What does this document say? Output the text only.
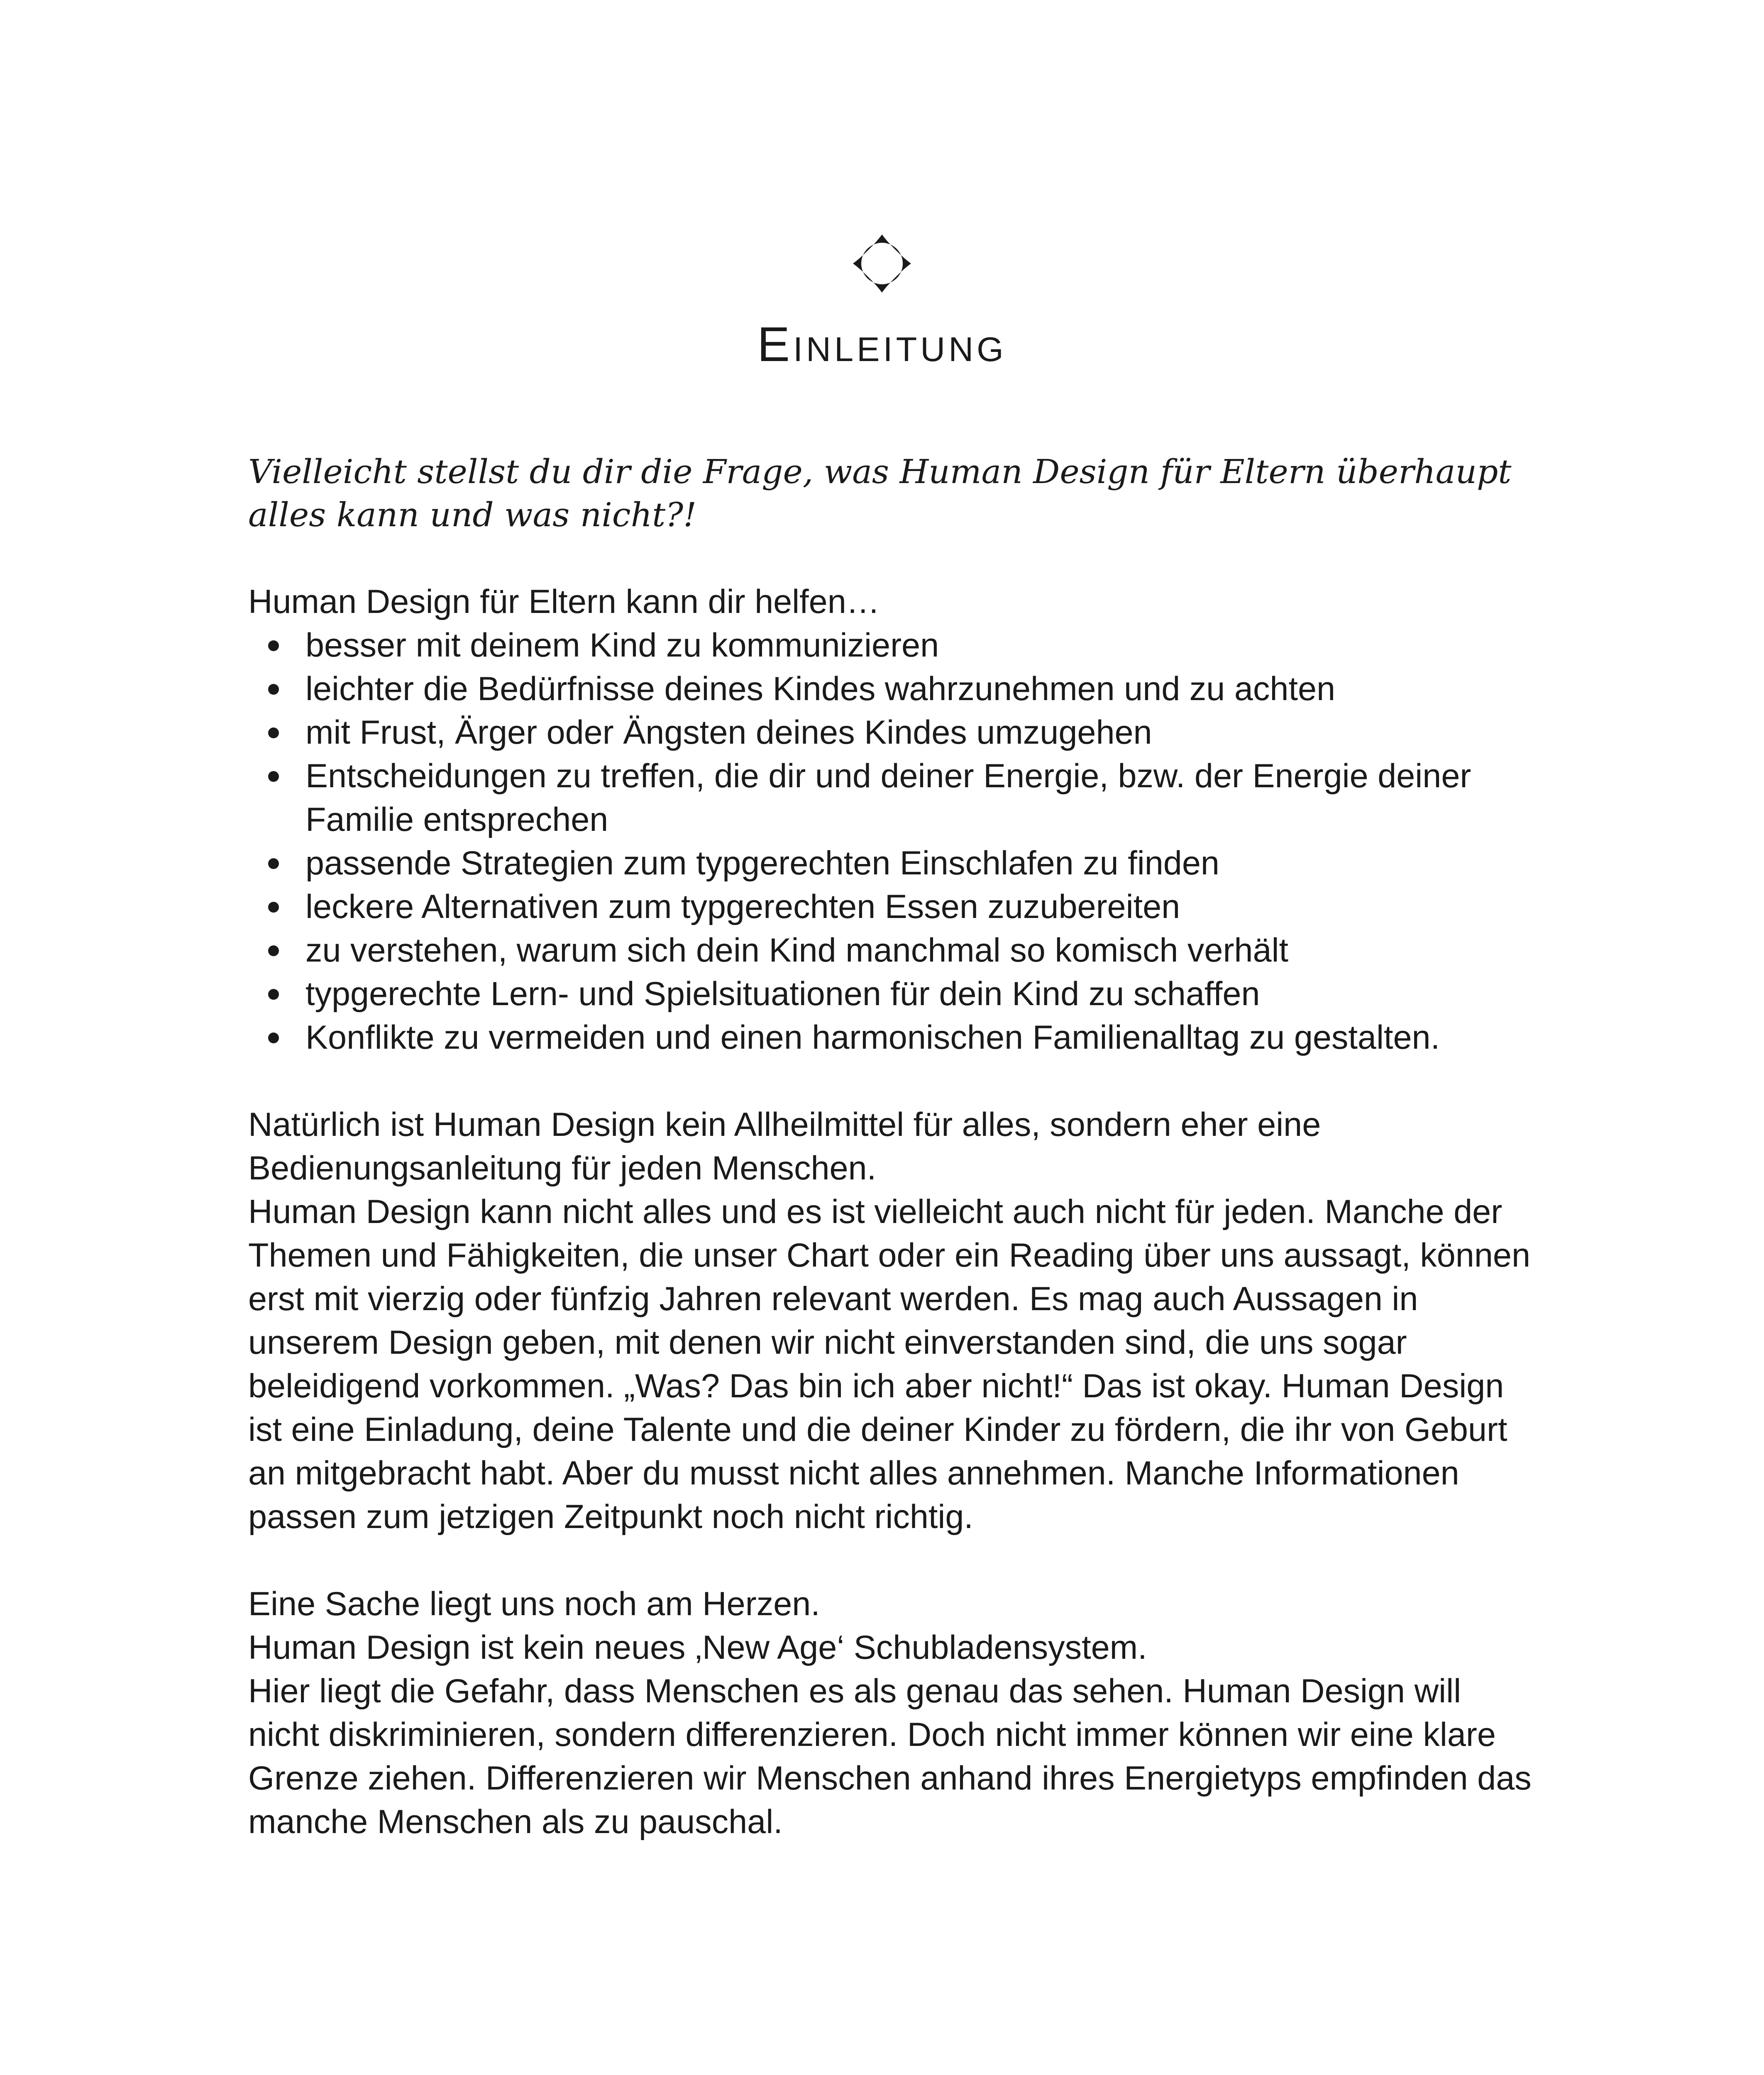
Einleitung

Vielleicht stellst du dir die Frage, was Human Design für Eltern überhaupt alles kann und was nicht?!

Human Design für Eltern kann dir helfen…

besser mit deinem Kind zu kommunizieren
leichter die Bedürfnisse deines Kindes wahrzunehmen und zu achten
mit Frust, Ärger oder Ängsten deines Kindes umzugehen
Entscheidungen zu treffen, die dir und deiner Energie, bzw. der Energie deiner Familie entsprechen
passende Strategien zum typgerechten Einschlafen zu finden
leckere Alternativen zum typgerechten Essen zuzubereiten
zu verstehen, warum sich dein Kind manchmal so komisch verhält
typgerechte Lern- und Spielsituationen für dein Kind zu schaffen
Konflikte zu vermeiden und einen harmonischen Familienalltag zu gestalten.

Natürlich ist Human Design kein Allheilmittel für alles, sondern eher eine Bedienungsanleitung für jeden Menschen.

Human Design kann nicht alles und es ist vielleicht auch nicht für jeden. Manche der Themen und Fähigkeiten, die unser Chart oder ein Reading über uns aussagt, können erst mit vierzig oder fünfzig Jahren relevant werden. Es mag auch Aussagen in unserem Design geben, mit denen wir nicht einverstanden sind, die uns sogar beleidigend vorkommen. „Was? Das bin ich aber nicht!“ Das ist okay. Human Design ist eine Einladung, deine Talente und die deiner Kinder zu fördern, die ihr von Geburt an mitgebracht habt. Aber du musst nicht alles annehmen. Manche Informationen passen zum jetzigen Zeitpunkt noch nicht richtig.

Eine Sache liegt uns noch am Herzen.

Human Design ist kein neues ‚New Age‘ Schubladensystem.

Hier liegt die Gefahr, dass Menschen es als genau das sehen. Human Design will nicht diskriminieren, sondern differenzieren. Doch nicht immer können wir eine klare Grenze ziehen. Differenzieren wir Menschen anhand ihres Energietyps empfinden das manche Menschen als zu pauschal.
